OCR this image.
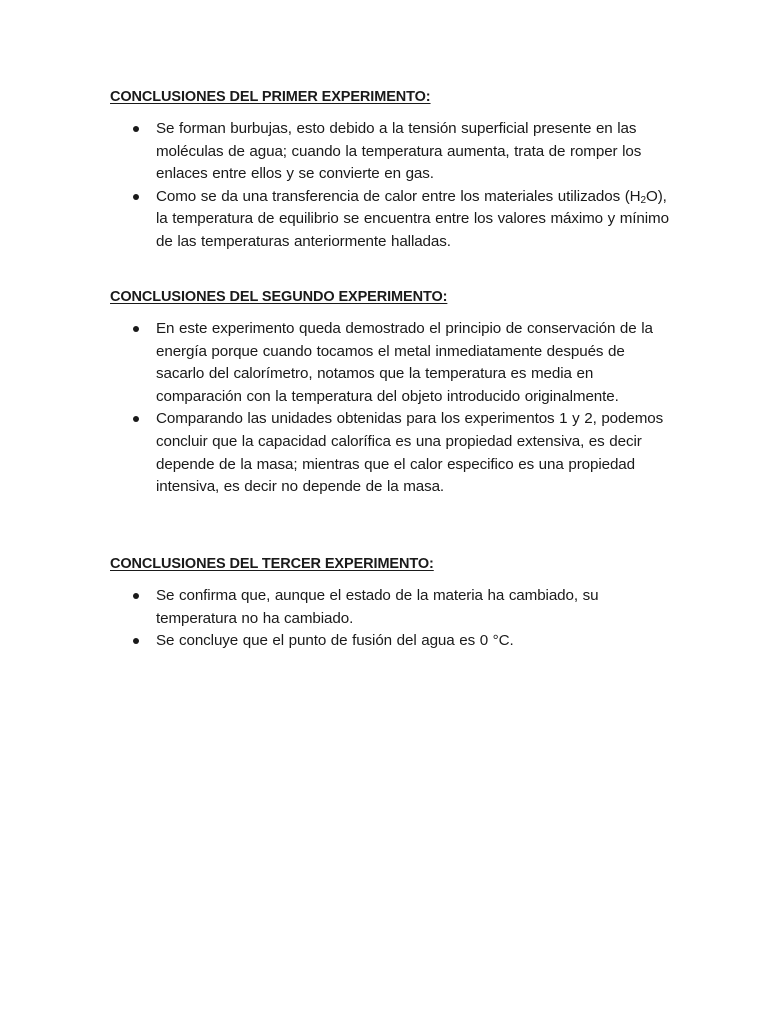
CONCLUSIONES DEL PRIMER EXPERIMENTO:

Se forman burbujas, esto debido a la tensión superficial presente en las moléculas de agua; cuando la temperatura aumenta, trata de romper los enlaces entre ellos y se convierte en gas.
Como se da una transferencia de calor entre los materiales utilizados $(H_2O)$, la temperatura de equilibrio se encuentra entre los valores máximo y mínimo de las temperaturas anteriormente halladas.

CONCLUSIONES DEL SEGUNDO EXPERIMENTO:

En este experimento queda demostrado el principio de conservación de la energía porque cuando tocamos el metal inmediatamente después de sacarlo del calorímetro, notamos que la temperatura es media en comparación con la temperatura del objeto introducido originalmente.
Comparando las unidades obtenidas para los experimentos 1 y 2, podemos concluir que la capacidad calorífica es una propiedad extensiva, es decir depende de la masa; mientras que el calor especifico es una propiedad intensiva, es decir no depende de la masa.

CONCLUSIONES DEL TERCER EXPERIMENTO:

Se confirma que, aunque el estado de la materia ha cambiado, su temperatura no ha cambiado.
Se concluye que el punto de fusión del agua es 0 °C.
